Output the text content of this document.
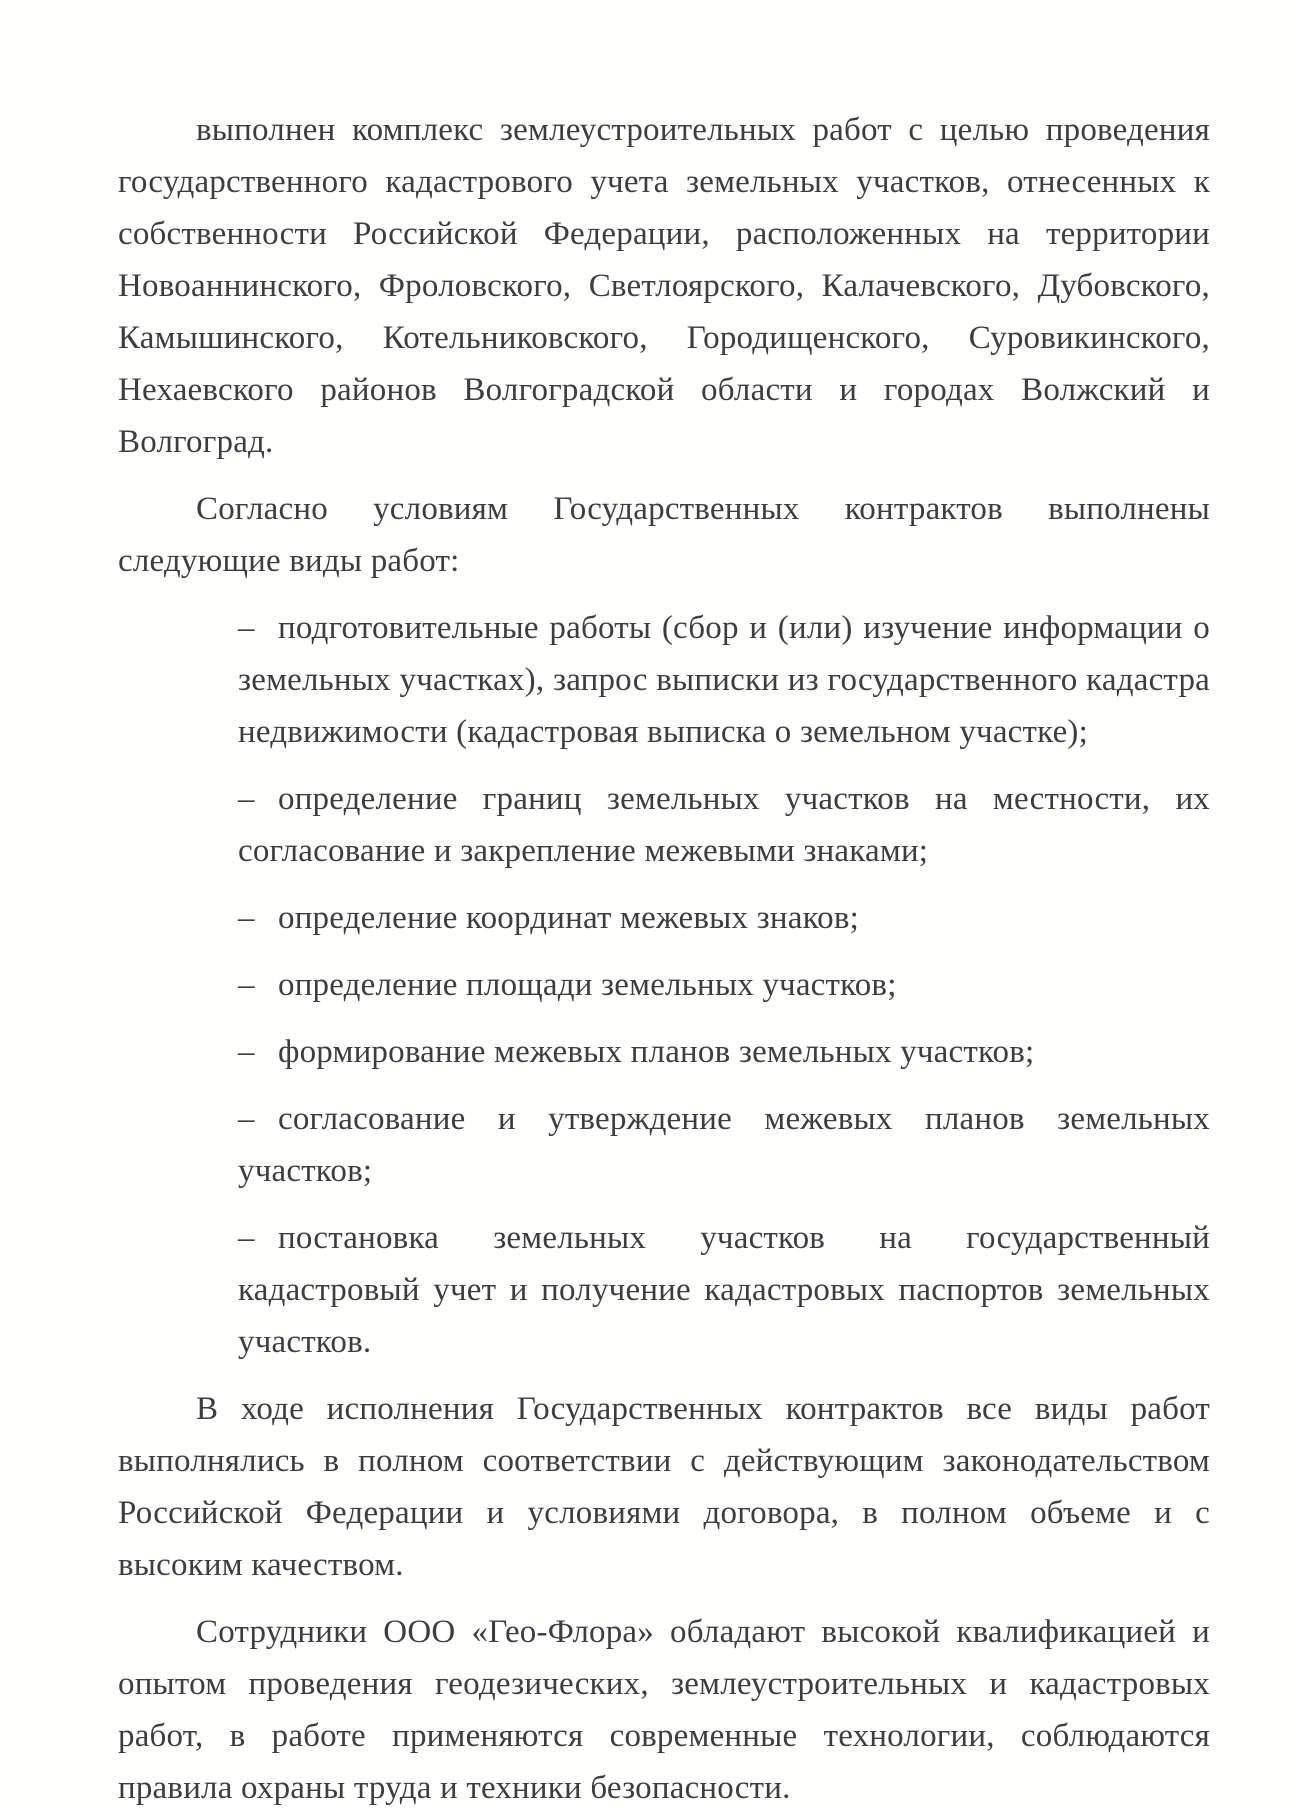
выполнен комплекс землеустроительных работ с целью проведения государственного кадастрового учета земельных участков, отнесенных к собственности Российской Федерации, расположенных на территории Новоаннинского, Фроловского, Светлоярского, Калачевского, Дубовского, Камышинского, Котельниковского, Городищенского, Суровикинского, Нехаевского районов Волгоградской области и городах Волжский и Волгоград.

Согласно условиям Государственных контрактов выполнены следующие виды работ:

– подготовительные работы (сбор и (или) изучение информации о земельных участках), запрос выписки из государственного кадастра недвижимости (кадастровая выписка о земельном участке);
– определение границ земельных участков на местности, их согласование и закрепление межевыми знаками;
– определение координат межевых знаков;
– определение площади земельных участков;
– формирование межевых планов земельных участков;
– согласование и утверждение межевых планов земельных участков;
– постановка земельных участков на государственный кадастровый учет и получение кадастровых паспортов земельных участков.

В ходе исполнения Государственных контрактов все виды работ выполнялись в полном соответствии с действующим законодательством Российской Федерации и условиями договора, в полном объеме и с высоким качеством.

Сотрудники ООО «Гео-Флора» обладают высокой квалификацией и опытом проведения геодезических, землеустроительных и кадастровых работ, в работе применяются современные технологии, соблюдаются правила охраны труда и техники безопасности.
